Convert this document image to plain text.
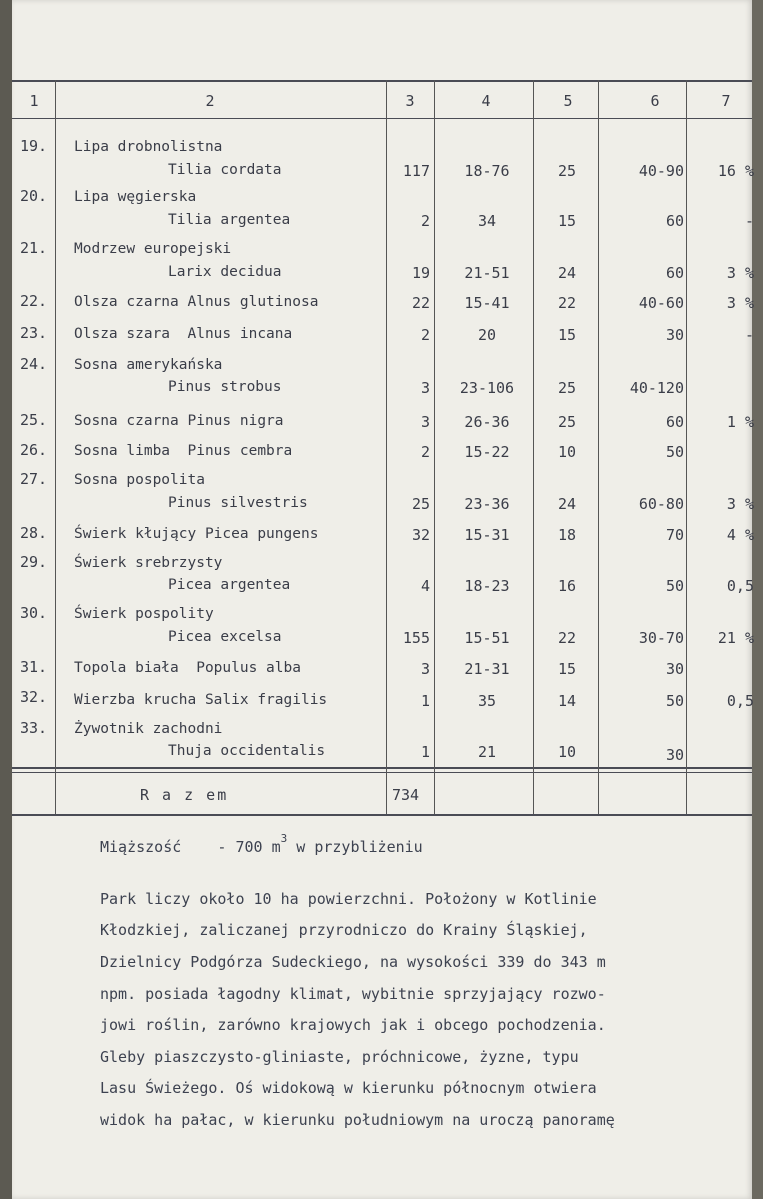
1	2	3	4	5	6	7
19.	Lipa drobnolistna
Tilia cordata	117	18-76	25	40-90	16 %
20.	Lipa węgierska
Tilia argentea	2	34	15	60	-
21.	Modrzew europejski
Larix decidua	19	21-51	24	60	3 %
22.	Olsza czarna Alnus glutinosa	22	15-41	22	40-60	3 %
23.	Olsza szara  Alnus incana	2	20	15	30	-
24.	Sosna amerykańska
Pinus strobus	3	23-106	25	40-120
25.	Sosna czarna Pinus nigra	3	26-36	25	60	1 %
26.	Sosna limba  Pinus cembra	2	15-22	10	50
27.	Sosna pospolita
Pinus silvestris	25	23-36	24	60-80	3 %
28.	Świerk kłujący Picea pungens	32	15-31	18	70	4 %
29.	Świerk srebrzysty
Picea argentea	4	18-23	16	50	0,5
30.	Świerk pospolity
Picea excelsa	155	15-51	22	30-70	21 %
31.	Topola biała  Populus alba	3	21-31	15	30
32.	Wierzba krucha Salix fragilis	1	35	14	50	0,5
33.	Żywotnik zachodni
Thuja occidentalis	1	21	10	30
R a z em	734
Miąższość - 700 $m^3$ w przybliżeniu
Park liczy około 10 ha powierzchni. Położony w Kotlinie
Kłodzkiej, zaliczanej przyrodniczo do Krainy Śląskiej,
Dzielnicy Podgórza Sudeckiego, na wysokości 339 do 343 m
npm. posiada łagodny klimat, wybitnie sprzyjający rozwo-
jowi roślin, zarówno krajowych jak i obcego pochodzenia.
Gleby piaszczysto-gliniaste, próchnicowe, żyzne, typu
Lasu Świeżego. Oś widokową w kierunku północnym otwiera
widok ha pałac, w kierunku południowym na uroczą panoramę
